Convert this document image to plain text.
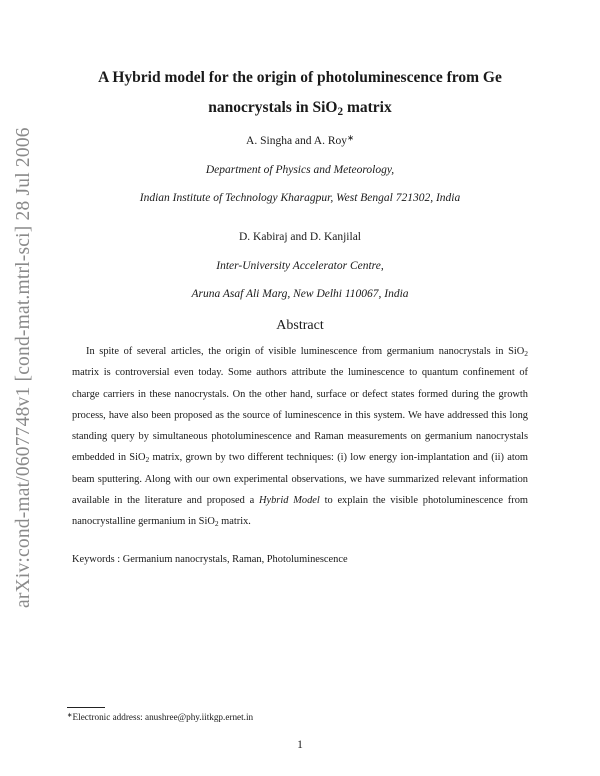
arXiv:cond-mat/0607748v1 [cond-mat.mtrl-sci] 28 Jul 2006
A Hybrid model for the origin of photoluminescence from Ge
nanocrystals in SiO$_2$ matrix
A. Singha and A. Roy∗
Department of Physics and Meteorology,
Indian Institute of Technology Kharagpur, West Bengal 721302, India
D. Kabiraj and D. Kanjilal
Inter-University Accelerator Centre,
Aruna Asaf Ali Marg, New Delhi 110067, India
Abstract
In spite of several articles, the origin of visible luminescence from germanium nanocrystals in SiO$_2$ matrix is controversial even today. Some authors attribute the luminescence to quantum confinement of charge carriers in these nanocrystals. On the other hand, surface or defect states formed during the growth process, have also been proposed as the source of luminescence in this system. We have addressed this long standing query by simultaneous photoluminescence and Raman measurements on germanium nanocrystals embedded in SiO$_2$ matrix, grown by two different techniques: (i) low energy ion-implantation and (ii) atom beam sputtering. Along with our own experimental observations, we have summarized relevant information available in the literature and proposed a Hybrid Model to explain the visible photoluminescence from nanocrystalline germanium in SiO$_2$ matrix.
Keywords : Germanium nanocrystals, Raman, Photoluminescence
∗Electronic address: anushree@phy.iitkgp.ernet.in
1
